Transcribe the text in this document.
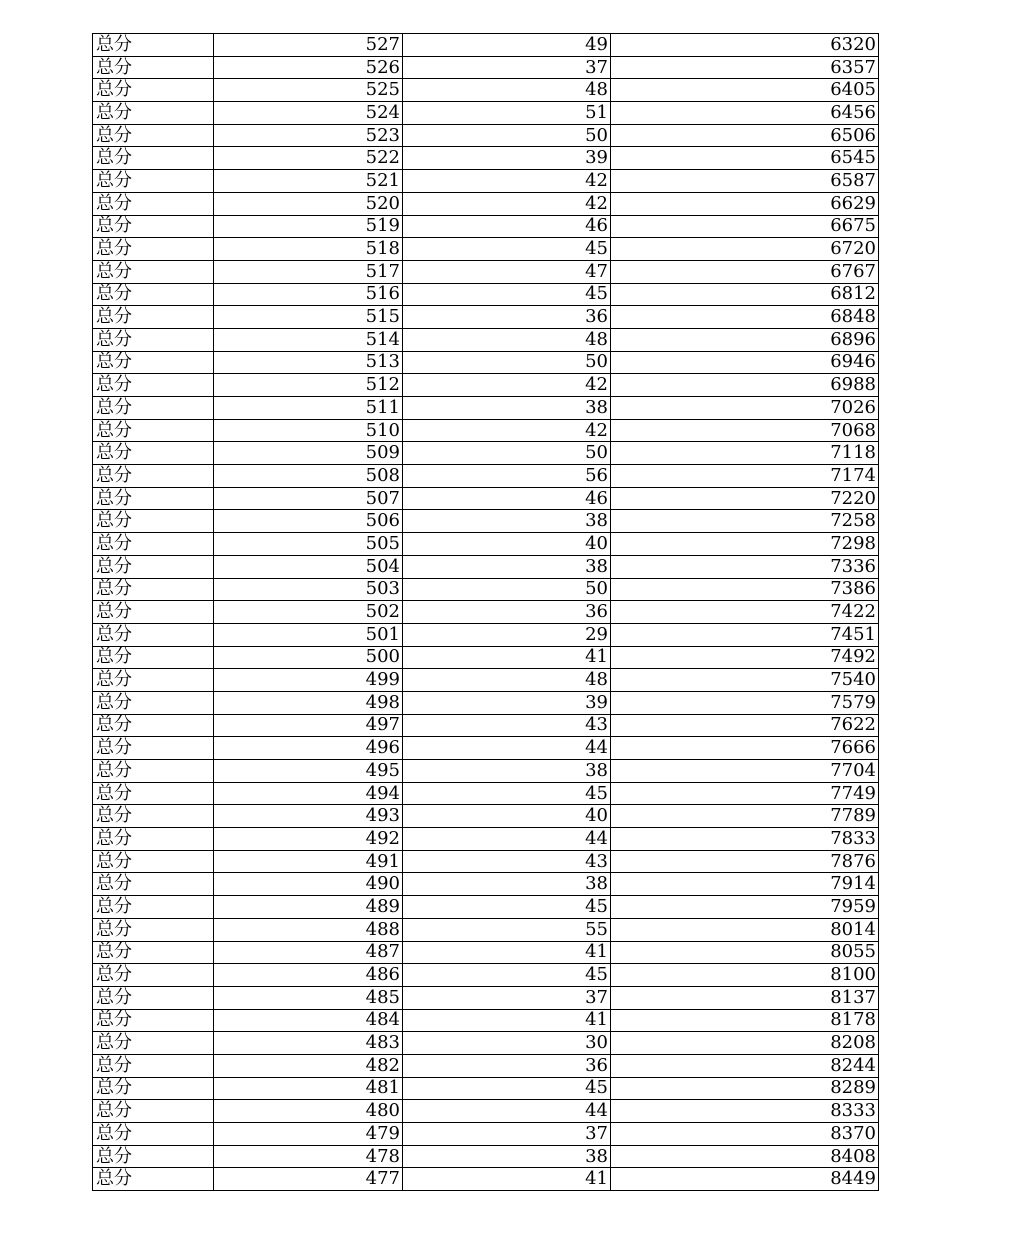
总分	527	49	6320
总分	526	37	6357
总分	525	48	6405
总分	524	51	6456
总分	523	50	6506
总分	522	39	6545
总分	521	42	6587
总分	520	42	6629
总分	519	46	6675
总分	518	45	6720
总分	517	47	6767
总分	516	45	6812
总分	515	36	6848
总分	514	48	6896
总分	513	50	6946
总分	512	42	6988
总分	511	38	7026
总分	510	42	7068
总分	509	50	7118
总分	508	56	7174
总分	507	46	7220
总分	506	38	7258
总分	505	40	7298
总分	504	38	7336
总分	503	50	7386
总分	502	36	7422
总分	501	29	7451
总分	500	41	7492
总分	499	48	7540
总分	498	39	7579
总分	497	43	7622
总分	496	44	7666
总分	495	38	7704
总分	494	45	7749
总分	493	40	7789
总分	492	44	7833
总分	491	43	7876
总分	490	38	7914
总分	489	45	7959
总分	488	55	8014
总分	487	41	8055
总分	486	45	8100
总分	485	37	8137
总分	484	41	8178
总分	483	30	8208
总分	482	36	8244
总分	481	45	8289
总分	480	44	8333
总分	479	37	8370
总分	478	38	8408
总分	477	41	8449
